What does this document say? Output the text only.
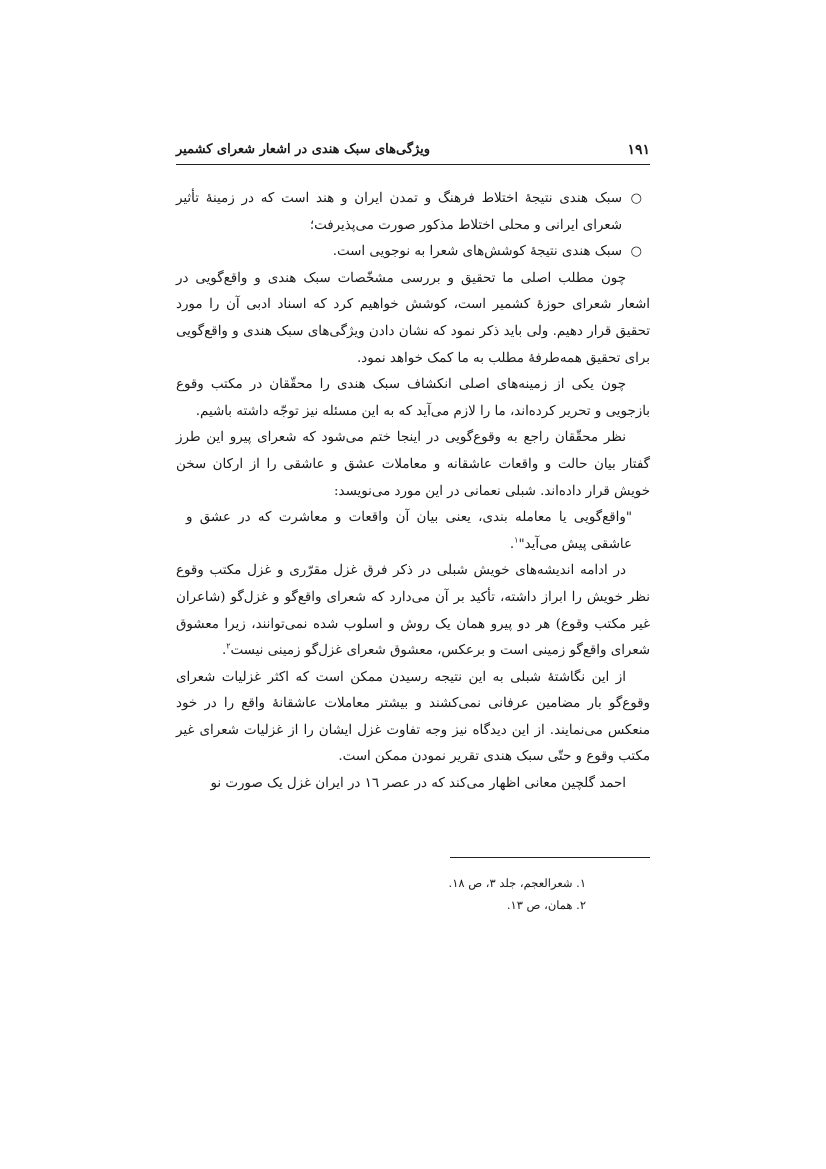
١٩١
ویژگی‌های سبک هندی در اشعار شعرای کشمیر

○
سبک هندی نتیجۀ اختلاط فرهنگ و تمدن ایران و هند است که در زمینۀ تأثیر شعرای ایرانی و محلی اختلاط مذکور صورت می‌پذیرفت؛

○
سبک هندی نتیجۀ کوشش‌های شعرا به نوجویی است.

چون مطلب اصلی ما تحقیق و بررسی مشخّصات سبک هندی و واقع‌گویی در اشعار شعرای حوزۀ کشمیر است، کوشش خواهیم کرد که اسناد ادبی آن را مورد تحقیق قرار دهیم. ولی باید ذکر نمود که نشان دادن ویژگی‌های سبک هندی و واقع‌گویی برای تحقیق همه‌طرفۀ مطلب به ما کمک خواهد نمود.

چون یکی از زمینه‌های اصلی انکشاف سبک هندی را محقّقان در مکتب وقوع بازجویی و تحریر کرده‌اند، ما را لازم می‌آید که به این مسئله نیز توجّه داشته باشیم.

نظر محقّقان راجع به وقوع‌گویی در اینجا ختم می‌شود که شعرای پیرو این طرز گفتار بیان حالت و واقعات عاشقانه و معاملات عشق و عاشقی را از ارکان سخن خویش قرار داده‌اند. شبلی نعمانی در این مورد می‌نویسد:

"واقع‌گویی یا معامله بندی، یعنی بیان آن واقعات و معاشرت که در عشق و عاشقی پیش می‌آید"$^١$.

در ادامه اندیشه‌های خویش شبلی در ذکر فرق غزل مقرّری و غزل مکتب وقوع نظر خویش را ابراز داشته، تأکید بر آن می‌دارد که شعرای واقع‌گو و غزل‌گو (شاعران غیر مکتب وقوع) هر دو پیرو همان یک روش و اسلوب شده نمی‌توانند، زیرا معشوق شعرای واقع‌گو زمینی است و برعکس، معشوق شعرای غزل‌گو زمینی نیست$^٢$.

از این نگاشتۀ شبلی به این نتیجه رسیدن ممکن است که اکثر غزلیات شعرای وقوع‌گو بار مضامین عرفانی نمی‌کشند و بیشتر معاملات عاشقانۀ واقع را در خود منعکس می‌نمایند. از این دیدگاه نیز وجه تفاوت غزل ایشان را از غزلیات شعرای غیر مکتب وقوع و حتّی سبک هندی تقریر نمودن ممکن است.

احمد گلچین معانی اظهار می‌کند که در عصر ١٦ در ایران غزل یک صورت نو

١. شعرالعجم، جلد ٣، ص ١٨.

٢. همان، ص ١٣.
